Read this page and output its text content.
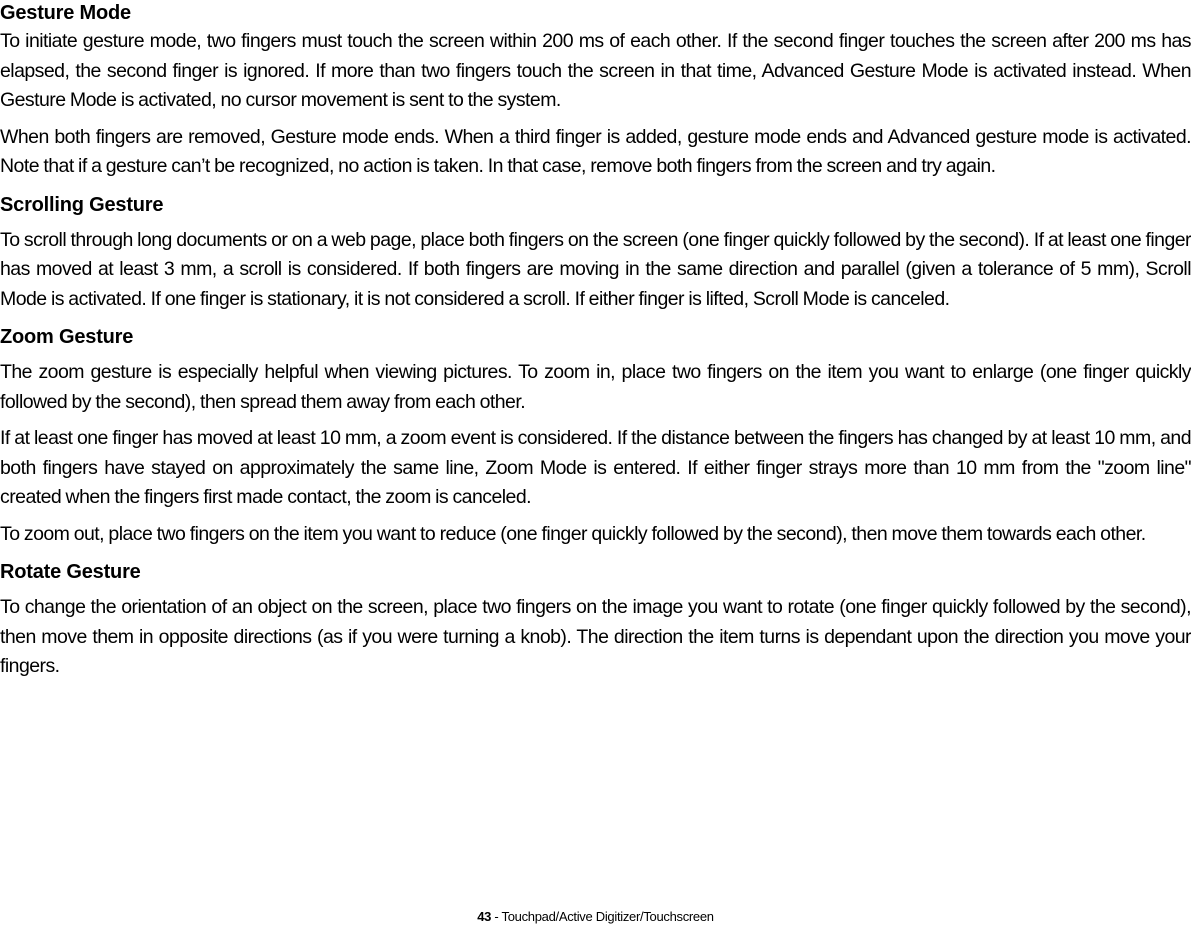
Gesture Mode

To initiate gesture mode, two fingers must touch the screen within 200 ms of each other. If the second finger touches the screen after 200 ms has elapsed, the second finger is ignored. If more than two fingers touch the screen in that time, Advanced Gesture Mode is activated instead. When Gesture Mode is activated, no cursor movement is sent to the system.

When both fingers are removed, Gesture mode ends. When a third finger is added, gesture mode ends and Advanced gesture mode is activated. Note that if a gesture can’t be recognized, no action is taken. In that case, remove both fingers from the screen and try again.

Scrolling Gesture

To scroll through long documents or on a web page, place both fingers on the screen (one finger quickly followed by the second). If at least one finger has moved at least 3 mm, a scroll is considered. If both fingers are moving in the same direction and parallel (given a tolerance of 5 mm), Scroll Mode is activated. If one finger is stationary, it is not considered a scroll. If either finger is lifted, Scroll Mode is canceled.

Zoom Gesture

The zoom gesture is especially helpful when viewing pictures. To zoom in, place two fingers on the item you want to enlarge (one finger quickly followed by the second), then spread them away from each other.

If at least one finger has moved at least 10 mm, a zoom event is considered. If the distance between the fingers has changed by at least 10 mm, and both fingers have stayed on approximately the same line, Zoom Mode is entered. If either finger strays more than 10 mm from the "zoom line" created when the fingers first made contact, the zoom is canceled.

To zoom out, place two fingers on the item you want to reduce (one finger quickly followed by the second), then move them towards each other.

Rotate Gesture

To change the orientation of an object on the screen, place two fingers on the image you want to rotate (one finger quickly followed by the second), then move them in opposite directions (as if you were turning a knob). The direction the item turns is dependant upon the direction you move your fingers.

43 - Touchpad/Active Digitizer/Touchscreen
